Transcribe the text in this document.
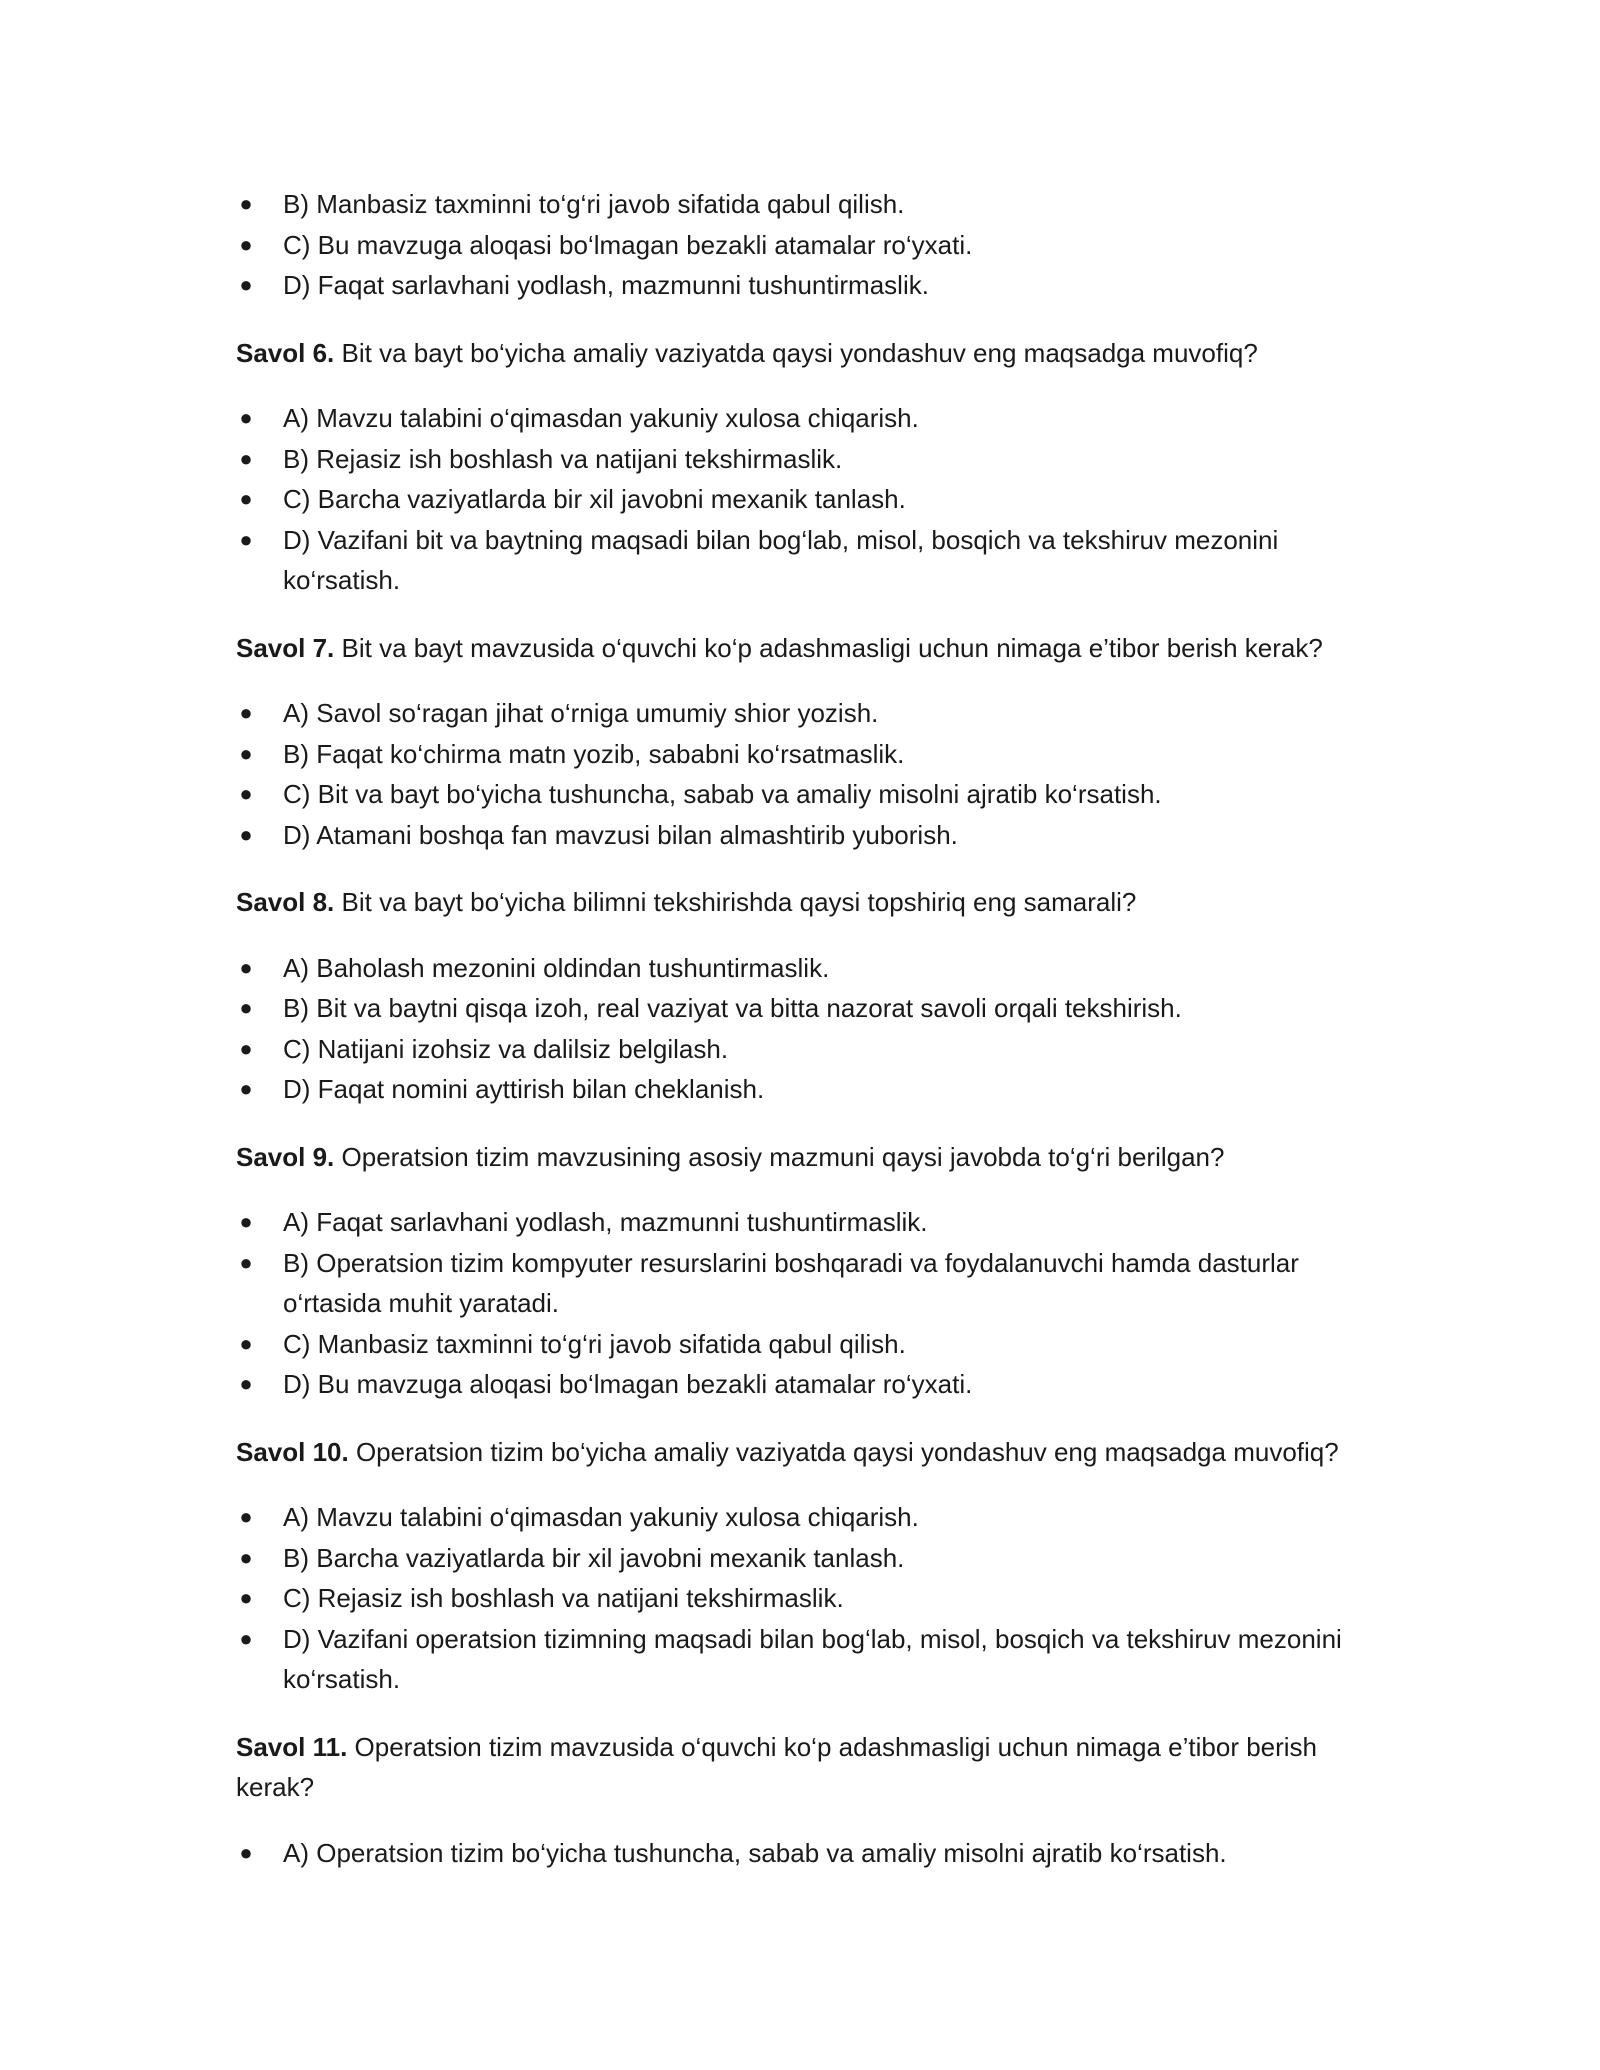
● B) Manbasiz taxminni to‘g‘ri javob sifatida qabul qilish.
● C) Bu mavzuga aloqasi bo‘lmagan bezakli atamalar ro‘yxati.
● D) Faqat sarlavhani yodlash, mazmunni tushuntirmaslik.

Savol 6. Bit va bayt bo‘yicha amaliy vaziyatda qaysi yondashuv eng maqsadga muvofiq?

● A) Mavzu talabini o‘qimasdan yakuniy xulosa chiqarish.
● B) Rejasiz ish boshlash va natijani tekshirmaslik.
● C) Barcha vaziyatlarda bir xil javobni mexanik tanlash.
● D) Vazifani bit va baytning maqsadi bilan bog‘lab, misol, bosqich va tekshiruv mezonini ko‘rsatish.

Savol 7. Bit va bayt mavzusida o‘quvchi ko‘p adashmasligi uchun nimaga e’tibor berish kerak?

● A) Savol so‘ragan jihat o‘rniga umumiy shior yozish.
● B) Faqat ko‘chirma matn yozib, sababni ko‘rsatmaslik.
● C) Bit va bayt bo‘yicha tushuncha, sabab va amaliy misolni ajratib ko‘rsatish.
● D) Atamani boshqa fan mavzusi bilan almashtirib yuborish.

Savol 8. Bit va bayt bo‘yicha bilimni tekshirishda qaysi topshiriq eng samarali?

● A) Baholash mezonini oldindan tushuntirmaslik.
● B) Bit va baytni qisqa izoh, real vaziyat va bitta nazorat savoli orqali tekshirish.
● C) Natijani izohsiz va dalilsiz belgilash.
● D) Faqat nomini ayttirish bilan cheklanish.

Savol 9. Operatsion tizim mavzusining asosiy mazmuni qaysi javobda to‘g‘ri berilgan?

● A) Faqat sarlavhani yodlash, mazmunni tushuntirmaslik.
● B) Operatsion tizim kompyuter resurslarini boshqaradi va foydalanuvchi hamda dasturlar o‘rtasida muhit yaratadi.
● C) Manbasiz taxminni to‘g‘ri javob sifatida qabul qilish.
● D) Bu mavzuga aloqasi bo‘lmagan bezakli atamalar ro‘yxati.

Savol 10. Operatsion tizim bo‘yicha amaliy vaziyatda qaysi yondashuv eng maqsadga muvofiq?

● A) Mavzu talabini o‘qimasdan yakuniy xulosa chiqarish.
● B) Barcha vaziyatlarda bir xil javobni mexanik tanlash.
● C) Rejasiz ish boshlash va natijani tekshirmaslik.
● D) Vazifani operatsion tizimning maqsadi bilan bog‘lab, misol, bosqich va tekshiruv mezonini ko‘rsatish.

Savol 11. Operatsion tizim mavzusida o‘quvchi ko‘p adashmasligi uchun nimaga e’tibor berish kerak?

● A) Operatsion tizim bo‘yicha tushuncha, sabab va amaliy misolni ajratib ko‘rsatish.
